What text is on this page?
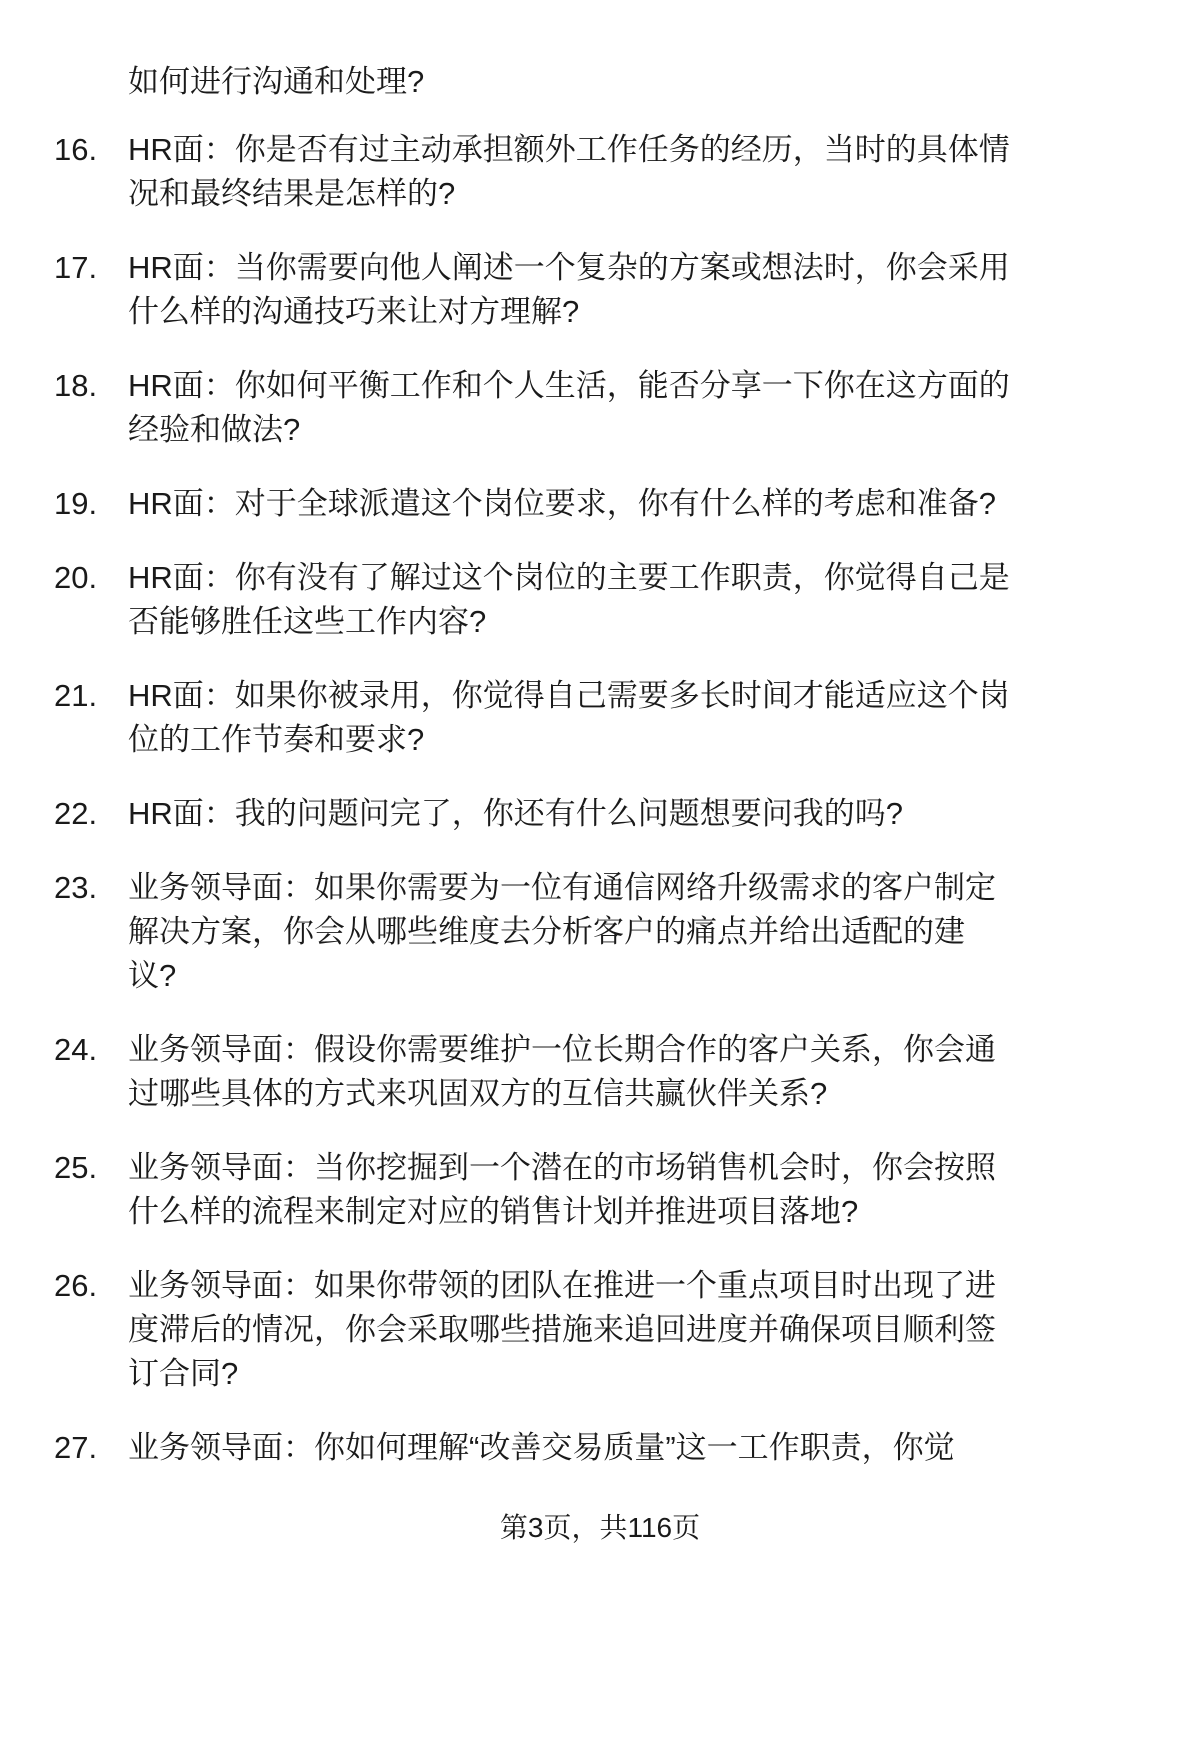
如何进行沟通和处理?
16. HR面：你是否有过主动承担额外工作任务的经历，当时的具体情
况和最终结果是怎样的?
17. HR面：当你需要向他人阐述一个复杂的方案或想法时，你会采用
什么样的沟通技巧来让对方理解?
18. HR面：你如何平衡工作和个人生活，能否分享一下你在这方面的
经验和做法?
19. HR面：对于全球派遣这个岗位要求，你有什么样的考虑和准备?
20. HR面：你有没有了解过这个岗位的主要工作职责，你觉得自己是
否能够胜任这些工作内容?
21. HR面：如果你被录用，你觉得自己需要多长时间才能适应这个岗
位的工作节奏和要求?
22. HR面：我的问题问完了，你还有什么问题想要问我的吗?
23. 业务领导面：如果你需要为一位有通信网络升级需求的客户制定
解决方案，你会从哪些维度去分析客户的痛点并给出适配的建
议?
24. 业务领导面：假设你需要维护一位长期合作的客户关系，你会通
过哪些具体的方式来巩固双方的互信共赢伙伴关系?
25. 业务领导面：当你挖掘到一个潜在的市场销售机会时，你会按照
什么样的流程来制定对应的销售计划并推进项目落地?
26. 业务领导面：如果你带领的团队在推进一个重点项目时出现了进
度滞后的情况，你会采取哪些措施来追回进度并确保项目顺利签
订合同?
27. 业务领导面：你如何理解“改善交易质量”这一工作职责，你觉
第3页，共116页
